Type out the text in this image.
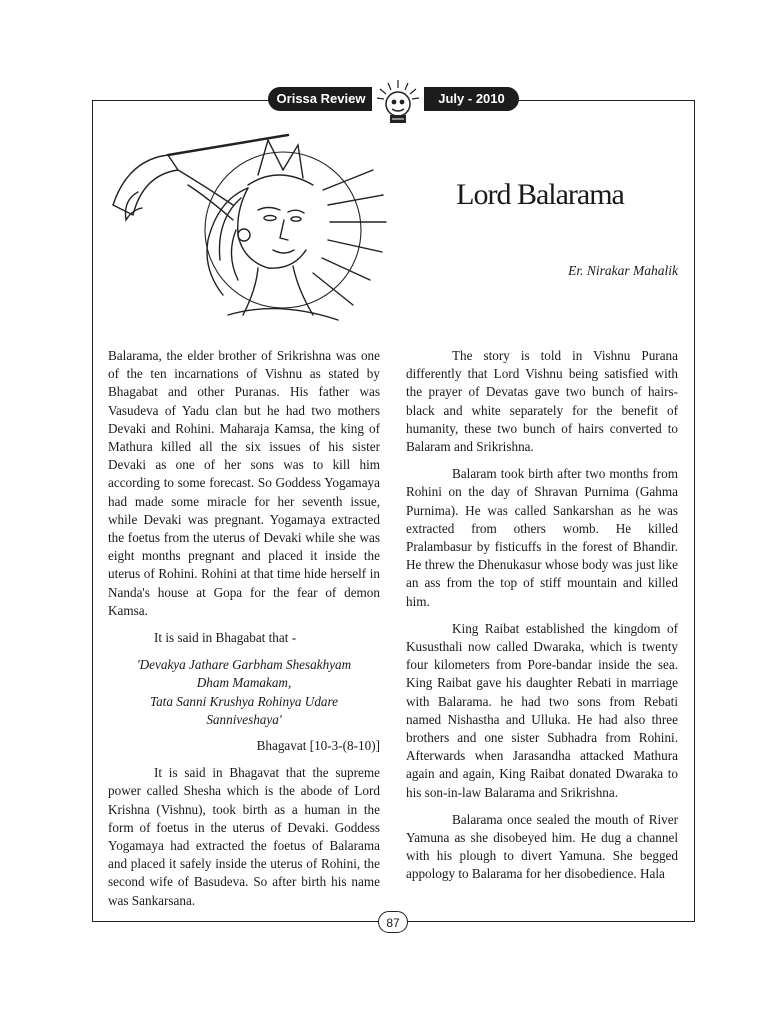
Orissa Review	July - 2010
Lord Balarama

Er. Nirakar Mahalik

Balarama, the elder brother of Srikrishna was one of the ten incarnations of Vishnu as stated by Bhagabat and other Puranas. His father was Vasudeva of Yadu clan but he had two mothers Devaki and Rohini. Maharaja Kamsa, the king of Mathura killed all the six issues of his sister Devaki as one of her sons was to kill him according to some forecast. So Goddess Yogamaya had made some miracle for her seventh issue, while Devaki was pregnant. Yogamaya extracted the foetus from the uterus of Devaki while she was eight months pregnant and placed it inside the uterus of Rohini. Rohini at that time hide herself in Nanda's house at Gopa for the fear of demon Kamsa.

It is said in Bhagabat that -

'Devakya Jathare Garbham Shesakhyam
Dham Mamakam,
Tata Sanni Krushya Rohinya Udare
Sanniveshaya'

Bhagavat [10-3-(8-10)]

It is said in Bhagavat that the supreme power called Shesha which is the abode of Lord Krishna (Vishnu), took birth as a human in the form of foetus in the uterus of Devaki. Goddess Yogamaya had extracted the foetus of Balarama and placed it safely inside the uterus of Rohini, the second wife of Basudeva. So after birth his name was Sankarsana.

The story is told in Vishnu Purana differently that Lord Vishnu being satisfied with the prayer of Devatas gave two bunch of hairs-black and white separately for the benefit of humanity, these two bunch of hairs converted to Balaram and Srikrishna.

Balaram took birth after two months from Rohini on the day of Shravan Purnima (Gahma Purnima). He was called Sankarshan as he was extracted from others womb. He killed Pralambasur by fisticuffs in the forest of Bhandir. He threw the Dhenukasur whose body was just like an ass from the top of stiff mountain and killed him.

King Raibat established the kingdom of Kususthali now called Dwaraka, which is twenty four kilometers from Pore-bandar inside the sea. King Raibat gave his daughter Rebati in marriage with Balarama. he had two sons from Rebati named Nishastha and Ulluka. He had also three brothers and one sister Subhadra from Rohini. Afterwards when Jarasandha attacked Mathura again and again, King Raibat donated Dwaraka to his son-in-law Balarama and Srikrishna.

Balarama once sealed the mouth of River Yamuna as she disobeyed him. He dug a channel with his plough to divert Yamuna. She begged appology to Balarama for her disobedience. Hala

87
